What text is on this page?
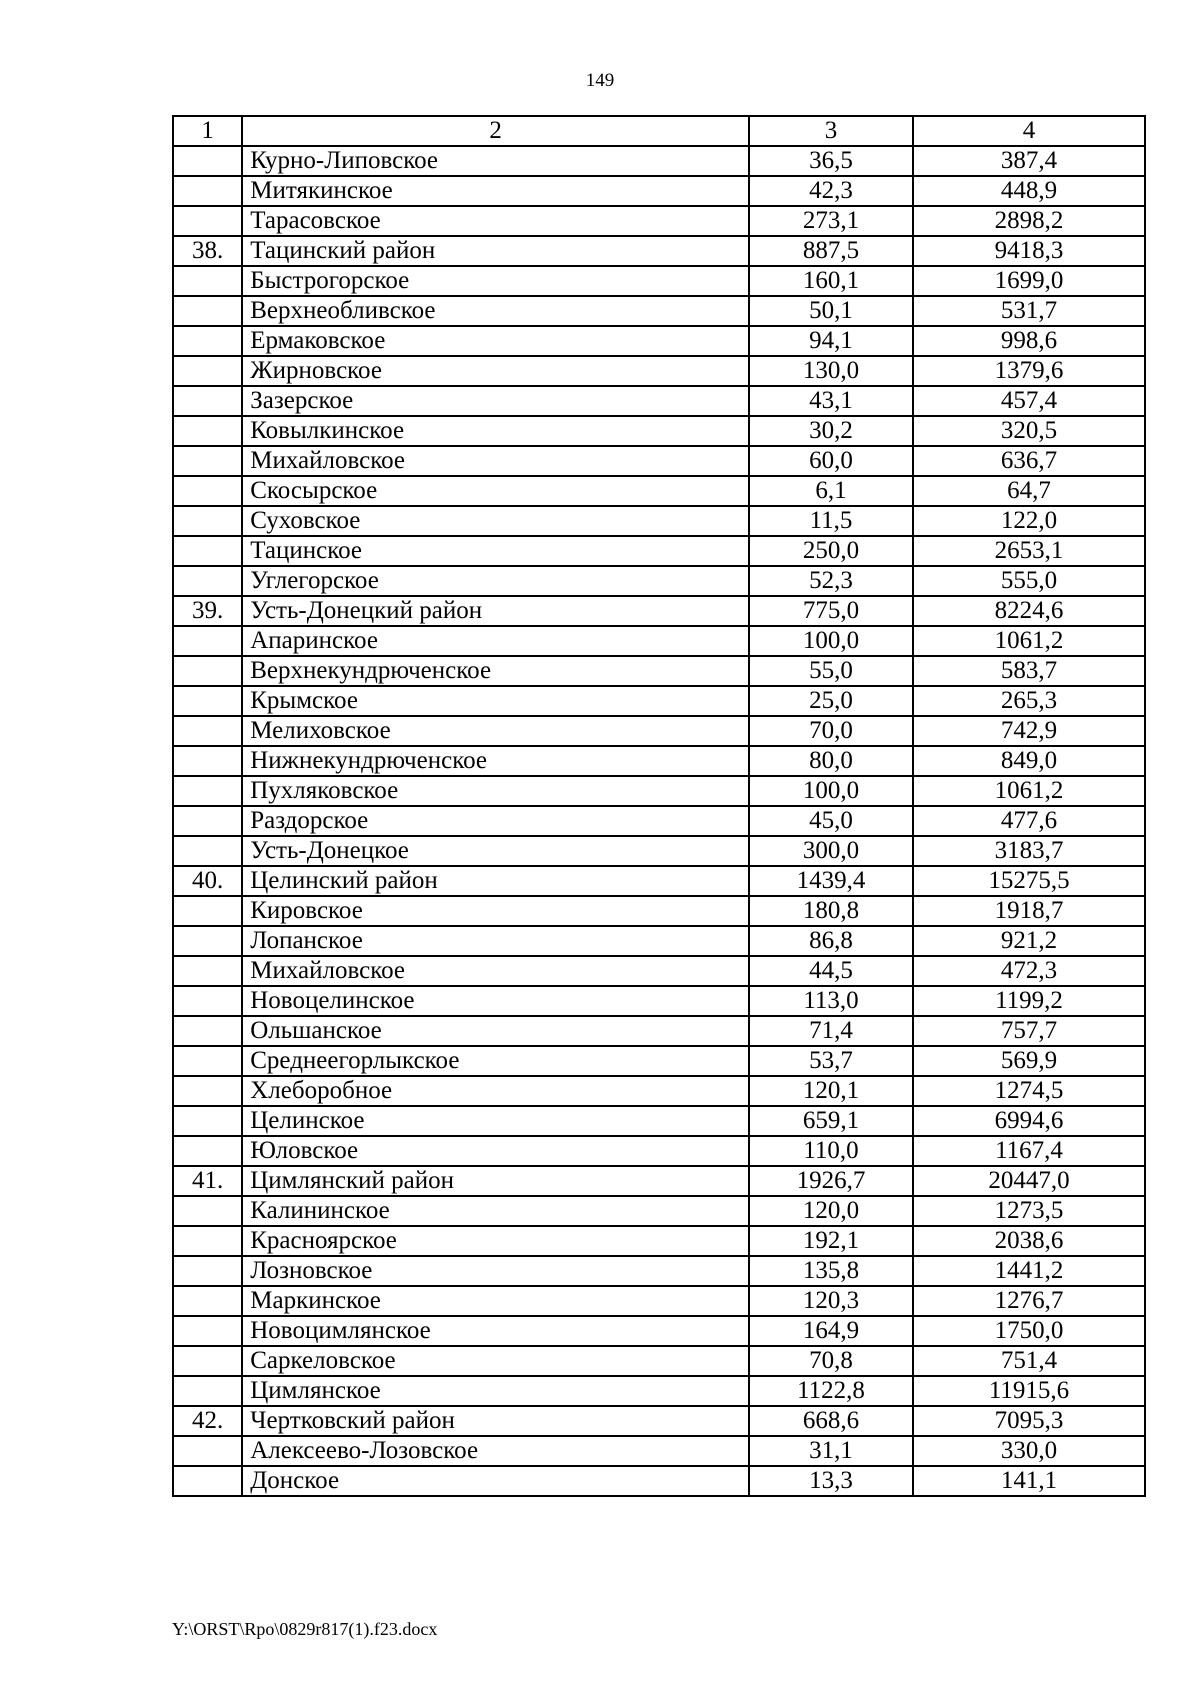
149
1	2	3	4
	Курно-Липовское	36,5	387,4
	Митякинское	42,3	448,9
	Тарасовское	273,1	2898,2
38.	Тацинский район	887,5	9418,3
	Быстрогорское	160,1	1699,0
	Верхнеобливское	50,1	531,7
	Ермаковское	94,1	998,6
	Жирновское	130,0	1379,6
	Зазерское	43,1	457,4
	Ковылкинское	30,2	320,5
	Михайловское	60,0	636,7
	Скосырское	6,1	64,7
	Суховское	11,5	122,0
	Тацинское	250,0	2653,1
	Углегорское	52,3	555,0
39.	Усть-Донецкий район	775,0	8224,6
	Апаринское	100,0	1061,2
	Верхнекундрюченское	55,0	583,7
	Крымское	25,0	265,3
	Мелиховское	70,0	742,9
	Нижнекундрюченское	80,0	849,0
	Пухляковское	100,0	1061,2
	Раздорское	45,0	477,6
	Усть-Донецкое	300,0	3183,7
40.	Целинский район	1439,4	15275,5
	Кировское	180,8	1918,7
	Лопанское	86,8	921,2
	Михайловское	44,5	472,3
	Новоцелинское	113,0	1199,2
	Ольшанское	71,4	757,7
	Среднеегорлыкское	53,7	569,9
	Хлеборобное	120,1	1274,5
	Целинское	659,1	6994,6
	Юловское	110,0	1167,4
41.	Цимлянский район	1926,7	20447,0
	Калининское	120,0	1273,5
	Красноярское	192,1	2038,6
	Лозновское	135,8	1441,2
	Маркинское	120,3	1276,7
	Новоцимлянское	164,9	1750,0
	Саркеловское	70,8	751,4
	Цимлянское	1122,8	11915,6
42.	Чертковский район	668,6	7095,3
	Алексеево-Лозовское	31,1	330,0
	Донское	13,3	141,1
Y:\ORST\Rpo\0829r817(1).f23.docx
